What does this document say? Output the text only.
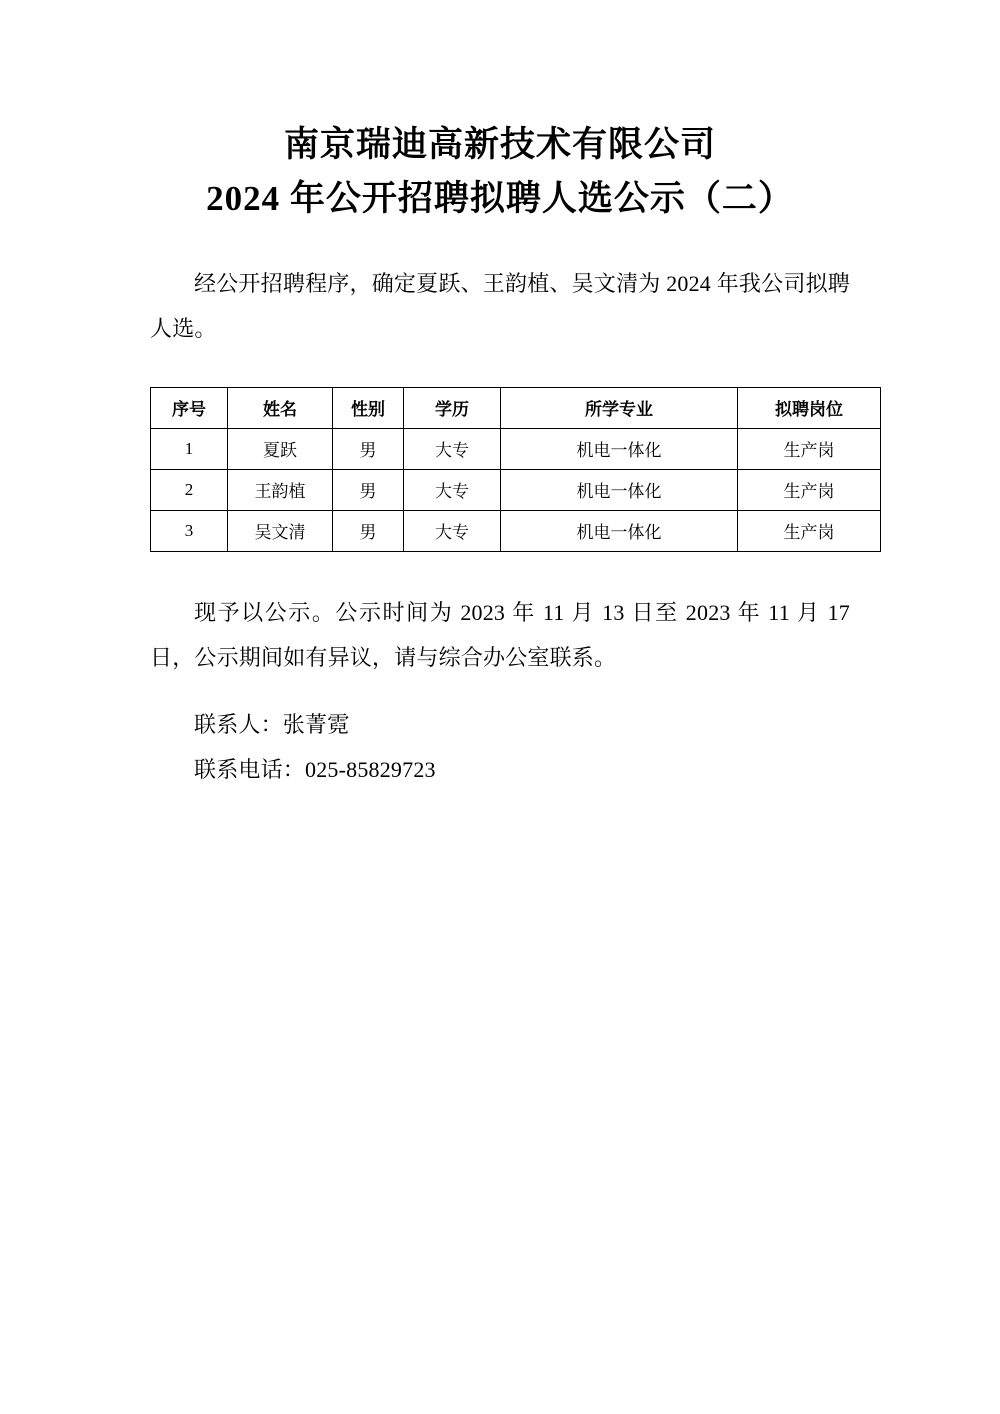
南京瑞迪高新技术有限公司
2024 年公开招聘拟聘人选公示（二）

经公开招聘程序，确定夏跃、王韵植、吴文清为 2024 年我公司拟聘人选。

序号	姓名	性别	学历	所学专业	拟聘岗位
1	夏跃	男	大专	机电一体化	生产岗
2	王韵植	男	大专	机电一体化	生产岗
3	吴文清	男	大专	机电一体化	生产岗

现予以公示。公示时间为 2023 年 11 月 13 日至 2023 年 11 月 17 日，公示期间如有异议，请与综合办公室联系。

联系人：张菁霓
联系电话：025-85829723
